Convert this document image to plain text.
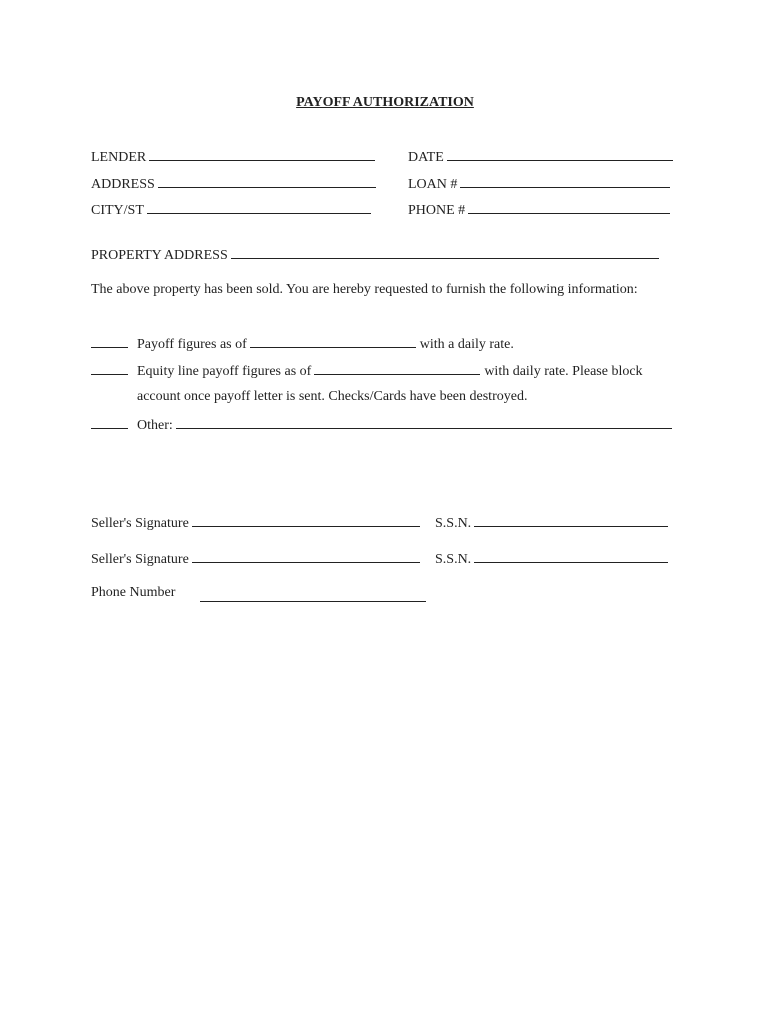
PAYOFF AUTHORIZATION
LENDER	DATE
ADDRESS	LOAN #
CITY/ST	PHONE #
PROPERTY ADDRESS
The above property has been sold. You are hereby requested to furnish the following information:
Payoff figures as of	with a daily rate.
Equity line payoff figures as of	with daily rate. Please block
account once payoff letter is sent. Checks/Cards have been destroyed.
Other:
Seller's Signature	S.S.N.
Seller's Signature	S.S.N.
Phone Number
